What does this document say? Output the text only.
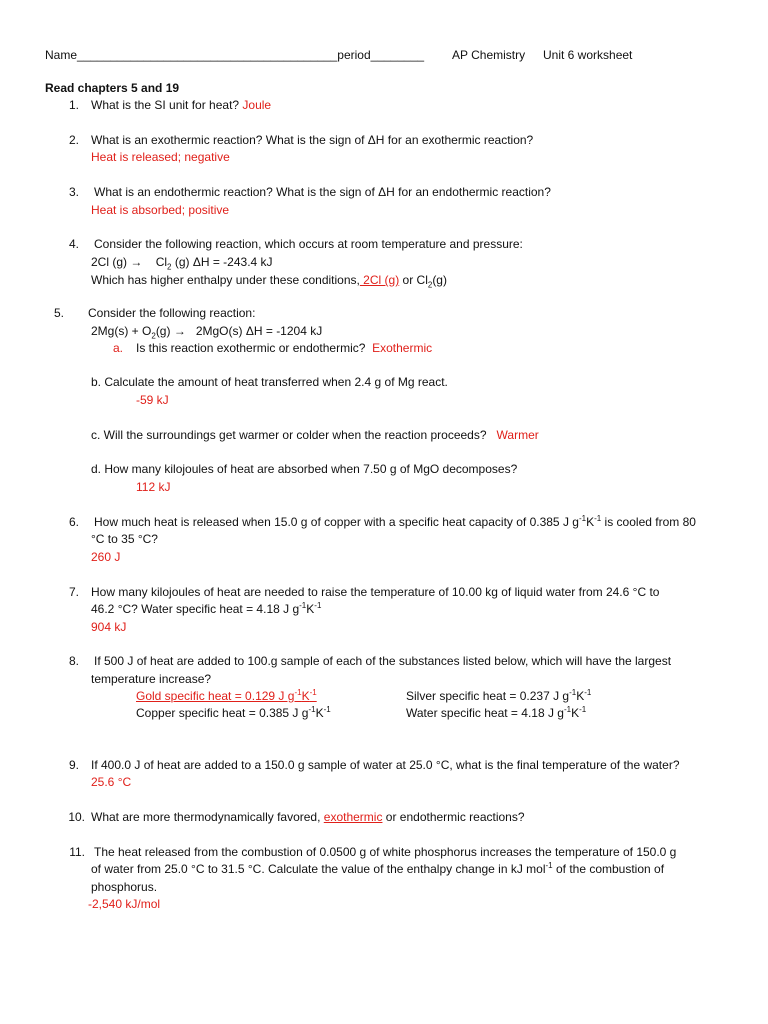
Name_______________________________________period________ AP Chemistry Unit 6 worksheet
Read chapters 5 and 19
1. What is the SI unit for heat? Joule
2. What is an exothermic reaction? What is the sign of ΔH for an exothermic reaction?
Heat is released; negative
3. What is an endothermic reaction? What is the sign of ΔH for an endothermic reaction?
Heat is absorbed; positive
4. Consider the following reaction, which occurs at room temperature and pressure:
2Cl $(g) \to Cl_2$ (g) ΔH = -243.4 kJ
Which has higher enthalpy under these conditions, 2Cl (g) or $Cl_2(g)$
5. Consider the following reaction:
$2Mg(s) + O_2(g) \to 2MgO(s) \Delta H = -1204$ kJ
a. Is this reaction exothermic or endothermic? Exothermic
b. Calculate the amount of heat transferred when 2.4 g of Mg react.
-59 kJ
c. Will the surroundings get warmer or colder when the reaction proceeds? Warmer
d. How many kilojoules of heat are absorbed when 7.50 g of MgO decomposes?
112 kJ
6. How much heat is released when 15.0 g of copper with a specific heat capacity of 0.385 J $g^{-1}K^{-1}$ is cooled from 80
°C to 35 °C?
260 J
7. How many kilojoules of heat are needed to raise the temperature of 10.00 kg of liquid water from 24.6 °C to
46.2 °C? Water specific heat = 4.18 J $g^{-1}K^{-1}$
904 kJ
8. If 500 J of heat are added to 100.g sample of each of the substances listed below, which will have the largest
temperature increase?
Gold specific heat = 0.129 J $g^{-1}K^{-1}$	Silver specific heat = 0.237 J $g^{-1}K^{-1}$
Copper specific heat = 0.385 J $g^{-1}K^{-1}$	Water specific heat = 4.18 J $g^{-1}K^{-1}$
9. If 400.0 J of heat are added to a 150.0 g sample of water at 25.0 °C, what is the final temperature of the water?
25.6 °C
10. What are more thermodynamically favored, exothermic or endothermic reactions?
11. The heat released from the combustion of 0.0500 g of white phosphorus increases the temperature of 150.0 g
of water from 25.0 °C to 31.5 °C. Calculate the value of the enthalpy change in kJ mol$^{-1}$ of the combustion of
phosphorus.
-2,540 kJ/mol
